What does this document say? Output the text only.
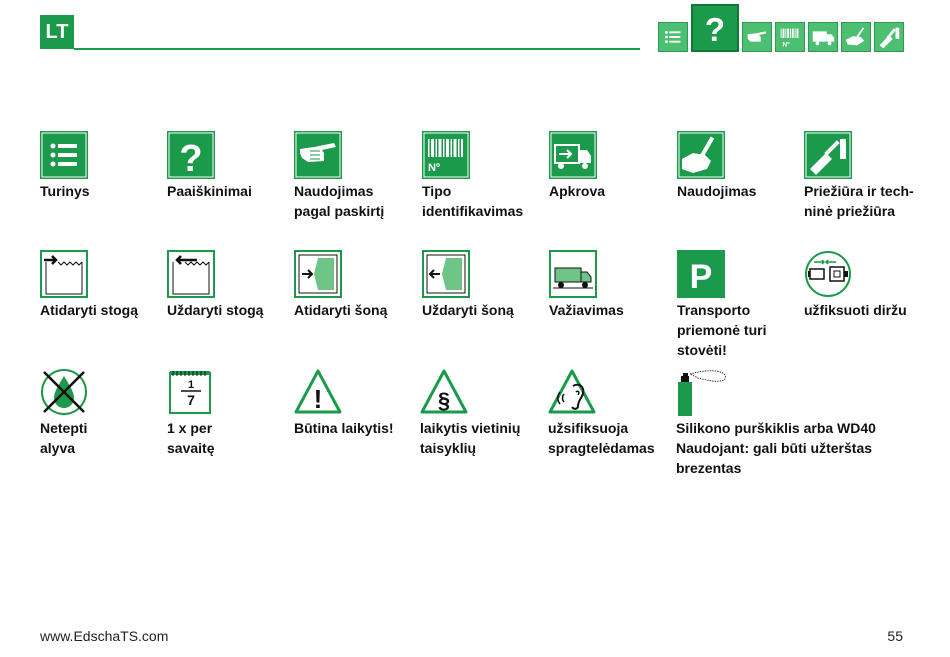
LT	?	Nº
Turinys
?
Paaiškinimai	Naudojimas
pagal paskirtį
Nº
Tipo
identifikavimas
Apkrova	Naudojimas	Priežiūra ir tech-
ninė priežiūra
Atidaryti stogą	Uždaryti stogą	Atidaryti šoną	Uždaryti šoną	Važiavimas
P
Transporto
priemonė turi
stovėti!
užfiksuoti diržu
Netepti
alyva
1
7
1 x per
savaitę
!
Būtina laikytis!
§
laikytis vietinių
taisyklių
užsifiksuoja
spragtelėdamas
Silikono purškiklis arba WD40
Naudojant: gali būti užterštas
brezentas
www.EdschaTS.com	55
